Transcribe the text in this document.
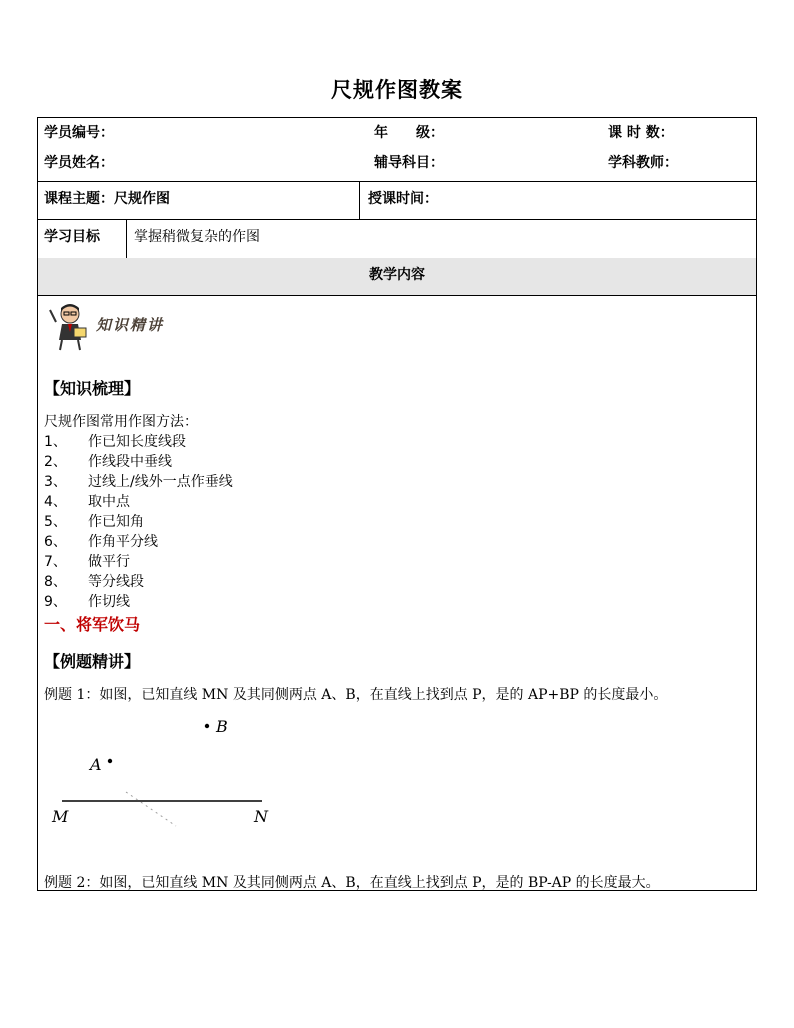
尺规作图教案
学员编号：	年　　级：	课 时 数：
学员姓名：	辅导科目：	学科教师：
课程主题：尺规作图	授课时间：
学习目标 掌握稍微复杂的作图
教学内容
知识精讲
【知识梳理】
尺规作图常用作图方法：
1、 作已知长度线段
2、 作线段中垂线
3、 过线上/线外一点作垂线
4、 取中点
5、 作已知角
6、 作角平分线
7、 做平行
8、 等分线段
9、 作切线
一、将军饮马
【例题精讲】
例题 1：如图，已知直线 MN 及其同侧两点 A、B，在直线上找到点 P，是的 AP+BP 的长度最小。
B
A
M	N
例题 2：如图，已知直线 MN 及其同侧两点 A、B，在直线上找到点 P，是的 BP-AP 的长度最大。
